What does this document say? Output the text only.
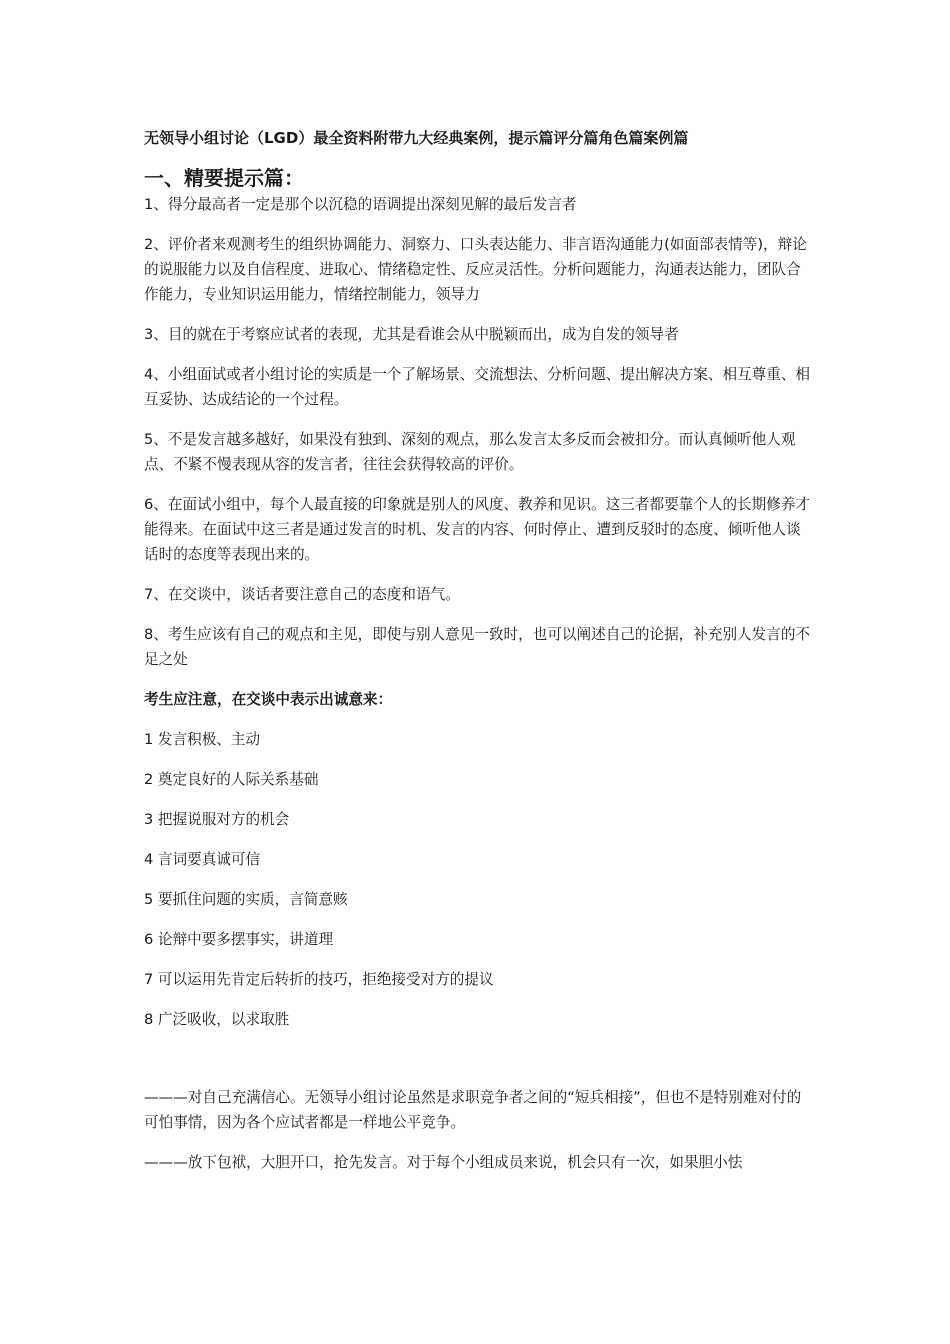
无领导小组讨论（LGD）最全资料附带九大经典案例，提示篇评分篇角色篇案例篇
一、精要提示篇：

1、得分最高者一定是那个以沉稳的语调提出深刻见解的最后发言者

2、评价者来观测考生的组织协调能力、洞察力、口头表达能力、非言语沟通能力(如面部表情等)，辩论的说服能力以及自信程度、进取心、情绪稳定性、反应灵活性。分析问题能力，沟通表达能力，团队合作能力，专业知识运用能力，情绪控制能力，领导力

3、目的就在于考察应试者的表现，尤其是看谁会从中脱颖而出，成为自发的领导者

4、小组面试或者小组讨论的实质是一个了解场景、交流想法、分析问题、提出解决方案、相互尊重、相互妥协、达成结论的一个过程。

5、不是发言越多越好，如果没有独到、深刻的观点，那么发言太多反而会被扣分。而认真倾听他人观点、不紧不慢表现从容的发言者，往往会获得较高的评价。

6、在面试小组中，每个人最直接的印象就是别人的风度、教养和见识。这三者都要靠个人的长期修养才能得来。在面试中这三者是通过发言的时机、发言的内容、何时停止、遭到反驳时的态度、倾听他人谈话时的态度等表现出来的。

7、在交谈中，谈话者要注意自己的态度和语气。

8、考生应该有自己的观点和主见，即使与别人意见一致时，也可以阐述自己的论据，补充别人发言的不足之处

考生应注意，在交谈中表示出诚意来：
1 发言积极、主动
2 奠定良好的人际关系基础
3 把握说服对方的机会
4 言词要真诚可信
5 要抓住问题的实质，言简意赅
6 论辩中要多摆事实，讲道理
7 可以运用先肯定后转折的技巧，拒绝接受对方的提议
8 广泛吸收，以求取胜

———对自己充满信心。无领导小组讨论虽然是求职竞争者之间的“短兵相接”，但也不是特别难对付的可怕事情，因为各个应试者都是一样地公平竞争。

———放下包袱，大胆开口，抢先发言。对于每个小组成员来说，机会只有一次，如果胆小怯
